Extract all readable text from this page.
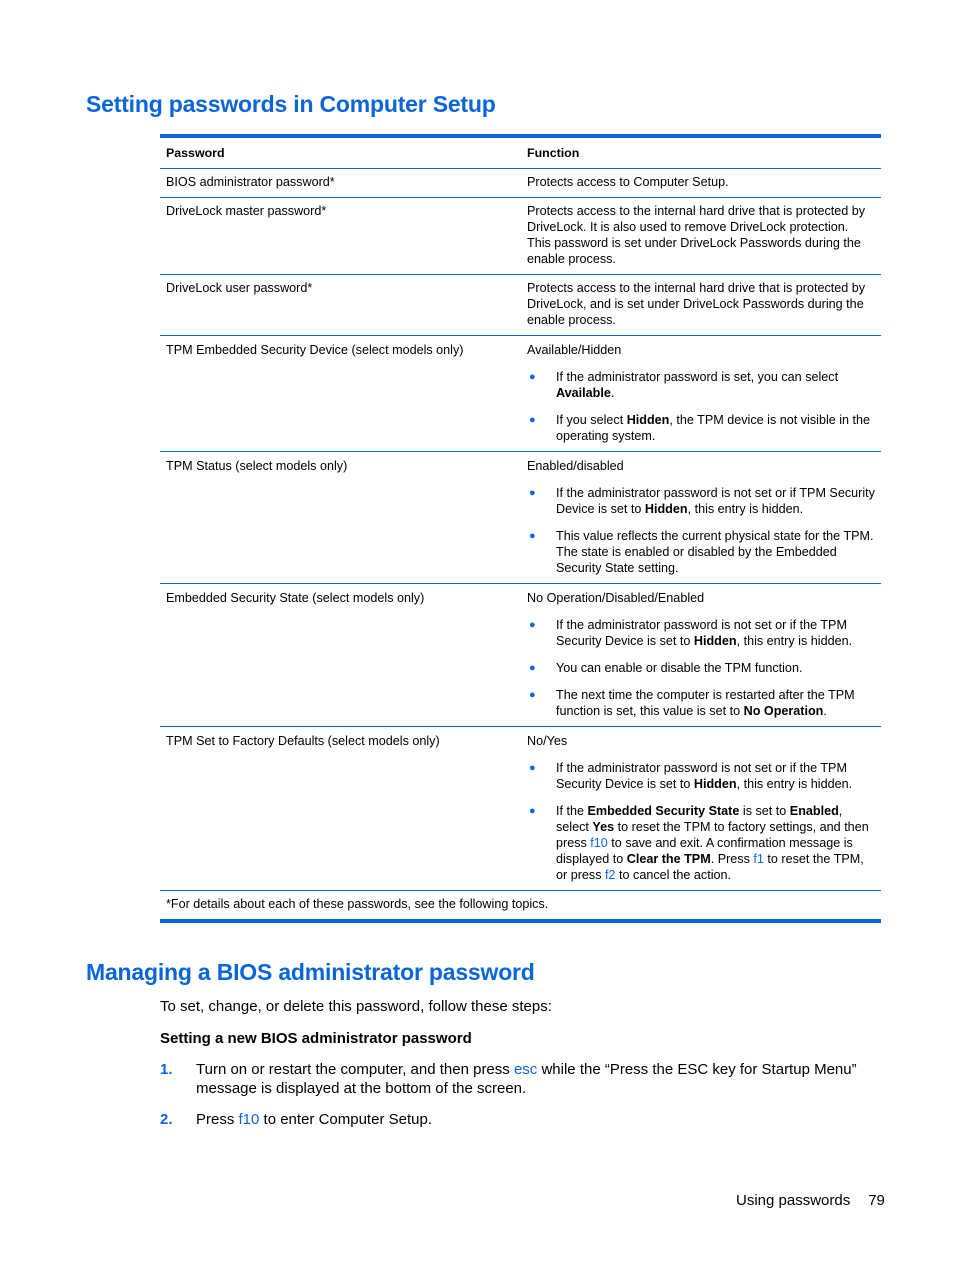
Setting passwords in Computer Setup
Password	Function
BIOS administrator password*	Protects access to Computer Setup.
DriveLock master password*	Protects access to the internal hard drive that is protected by DriveLock. It is also used to remove DriveLock protection. This password is set under DriveLock Passwords during the enable process.
DriveLock user password*	Protects access to the internal hard drive that is protected by DriveLock, and is set under DriveLock Passwords during the enable process.
TPM Embedded Security Device (select models only)	Available/Hidden
● If the administrator password is set, you can select Available.
● If you select Hidden, the TPM device is not visible in the operating system.
TPM Status (select models only)	Enabled/disabled
● If the administrator password is not set or if TPM Security Device is set to Hidden, this entry is hidden.
● This value reflects the current physical state for the TPM. The state is enabled or disabled by the Embedded Security State setting.
Embedded Security State (select models only)	No Operation/Disabled/Enabled
● If the administrator password is not set or if the TPM Security Device is set to Hidden, this entry is hidden.
● You can enable or disable the TPM function.
● The next time the computer is restarted after the TPM function is set, this value is set to No Operation.
TPM Set to Factory Defaults (select models only)	No/Yes
● If the administrator password is not set or if the TPM Security Device is set to Hidden, this entry is hidden.
● If the Embedded Security State is set to Enabled, select Yes to reset the TPM to factory settings, and then press f10 to save and exit. A confirmation message is displayed to Clear the TPM. Press f1 to reset the TPM, or press f2 to cancel the action.
*For details about each of these passwords, see the following topics.
Managing a BIOS administrator password
To set, change, or delete this password, follow these steps:
Setting a new BIOS administrator password
1. Turn on or restart the computer, and then press esc while the “Press the ESC key for Startup Menu” message is displayed at the bottom of the screen.
2. Press f10 to enter Computer Setup.
Using passwords 79
